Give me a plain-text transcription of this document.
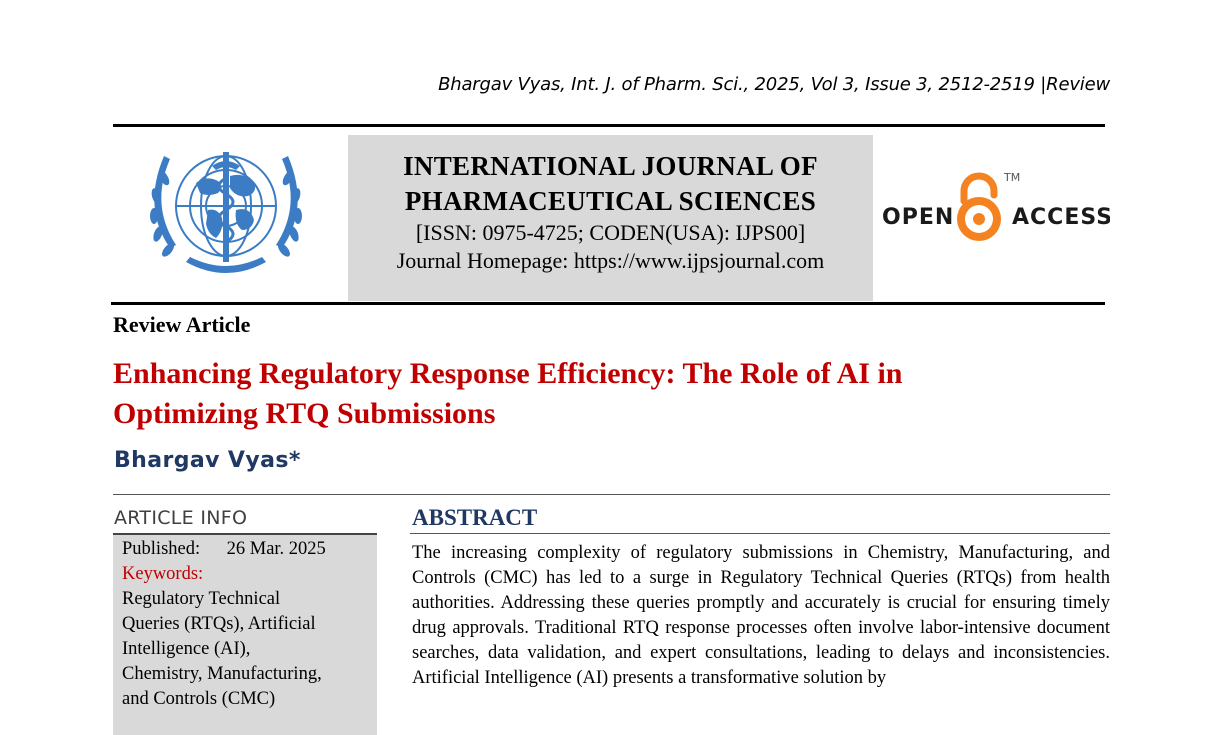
Bhargav Vyas, Int. J. of Pharm. Sci., 2025, Vol 3, Issue 3, 2512-2519 |Review
INTERNATIONAL JOURNAL OF
PHARMACEUTICAL SCIENCES
[ISSN: 0975-4725; CODEN(USA): IJPS00]
Journal Homepage: https://www.ijpsjournal.com
OPEN
TM
ACCESS
Review Article
Enhancing Regulatory Response Efficiency: The Role of AI in
Optimizing RTQ Submissions
Bhargav Vyas*
ARTICLE INFO
Published: 26 Mar. 2025
Keywords:
Regulatory Technical
Queries (RTQs), Artificial
Intelligence (AI),
Chemistry, Manufacturing,
and Controls (CMC)
ABSTRACT
The increasing complexity of regulatory submissions in Chemistry, Manufacturing, and Controls (CMC) has led to a surge in Regulatory Technical Queries (RTQs) from health authorities. Addressing these queries promptly and accurately is crucial for ensuring timely drug approvals. Traditional RTQ response processes often involve labor-intensive document searches, data validation, and expert consultations, leading to delays and inconsistencies. Artificial Intelligence (AI) presents a transformative solution by
